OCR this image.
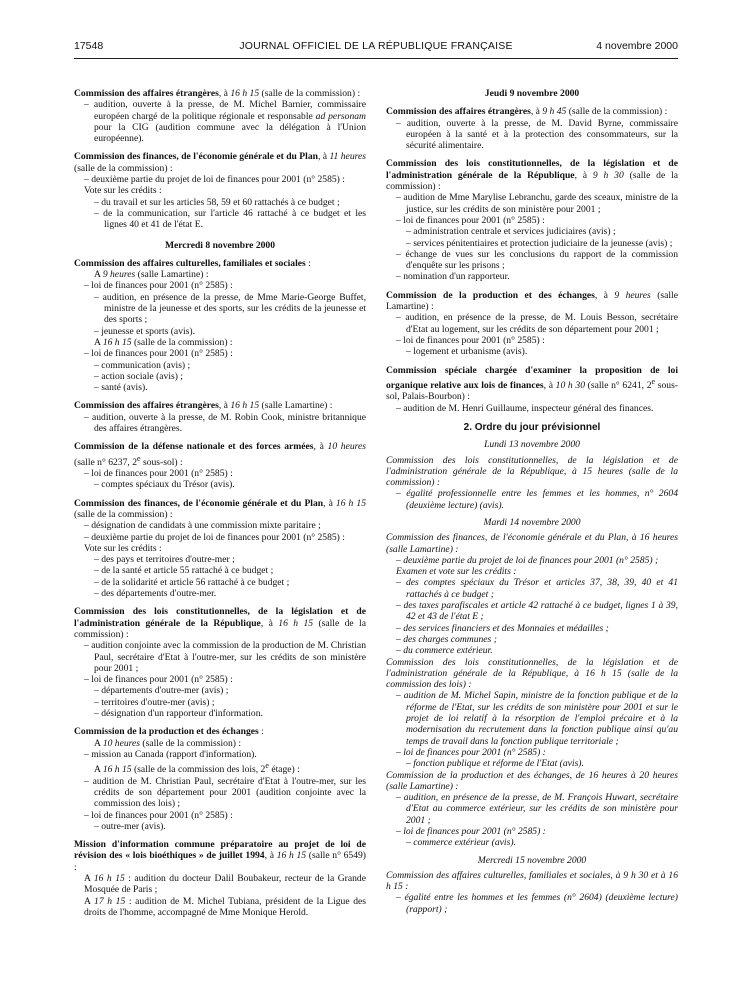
17548	JOURNAL OFFICIEL DE LA RÉPUBLIQUE FRANÇAISE	4 novembre 2000
Commission des affaires étrangères, à 16 h 15 (salle de la commission) :
– audition, ouverte à la presse, de M. Michel Barnier, commissaire européen chargé de la politique régionale et responsable ad personam pour la CIG (audition commune avec la délégation à l'Union européenne).
Commission des finances, de l'économie générale et du Plan, à 11 heures (salle de la commission) :
– deuxième partie du projet de loi de finances pour 2001 (n° 2585) :
Vote sur les crédits :
– du travail et sur les articles 58, 59 et 60 rattachés à ce budget ;
– de la communication, sur l'article 46 rattaché à ce budget et les lignes 40 et 41 de l'état E.
Mercredi 8 novembre 2000
Commission des affaires culturelles, familiales et sociales :
A 9 heures (salle Lamartine) :
– loi de finances pour 2001 (n° 2585) :
– audition, en présence de la presse, de Mme Marie-George Buffet, ministre de la jeunesse et des sports, sur les crédits de la jeunesse et des sports ;
– jeunesse et sports (avis).
A 16 h 15 (salle de la commission) :
– loi de finances pour 2001 (n° 2585) :
– communication (avis) ;
– action sociale (avis) ;
– santé (avis).
Commission des affaires étrangères, à 16 h 15 (salle Lamartine) :
– audition, ouverte à la presse, de M. Robin Cook, ministre britannique des affaires étrangères.
Commission de la défense nationale et des forces armées, à 10 heures (salle n° 6237, 2e sous-sol) :
– loi de finances pour 2001 (n° 2585) :
– comptes spéciaux du Trésor (avis).
Commission des finances, de l'économie générale et du Plan, à 16 h 15 (salle de la commission) :
– désignation de candidats à une commission mixte paritaire ;
– deuxième partie du projet de loi de finances pour 2001 (n° 2585) :
Vote sur les crédits :
– des pays et territoires d'outre-mer ;
– de la santé et article 55 rattaché à ce budget ;
– de la solidarité et article 56 rattaché à ce budget ;
– des départements d'outre-mer.
Commission des lois constitutionnelles, de la législation et de l'administration générale de la République, à 16 h 15 (salle de la commission) :
– audition conjointe avec la commission de la production de M. Christian Paul, secrétaire d'Etat à l'outre-mer, sur les crédits de son ministère pour 2001 ;
– loi de finances pour 2001 (n° 2585) :
– départements d'outre-mer (avis) ;
– territoires d'outre-mer (avis) ;
– désignation d'un rapporteur d'information.
Commission de la production et des échanges :
A 10 heures (salle de la commission) :
– mission au Canada (rapport d'information).
A 16 h 15 (salle de la commission des lois, 2e étage) :
– audition de M. Christian Paul, secrétaire d'Etat à l'outre-mer, sur les crédits de son département pour 2001 (audition conjointe avec la commission des lois) ;
– loi de finances pour 2001 (n° 2585) :
– outre-mer (avis).
Mission d'information commune préparatoire au projet de loi de révision des « lois bioéthiques » de juillet 1994, à 16 h 15 (salle n° 6549) :
A 16 h 15 : audition du docteur Dalil Boubakeur, recteur de la Grande Mosquée de Paris ;
A 17 h 15 : audition de M. Michel Tubiana, président de la Ligue des droits de l'homme, accompagné de Mme Monique Herold.
Jeudi 9 novembre 2000
Commission des affaires étrangères, à 9 h 45 (salle de la commission) :
– audition, ouverte à la presse, de M. David Byrne, commissaire européen à la santé et à la protection des consommateurs, sur la sécurité alimentaire.
Commission des lois constitutionnelles, de la législation et de l'administration générale de la République, à 9 h 30 (salle de la commission) :
– audition de Mme Marylise Lebranchu, garde des sceaux, ministre de la justice, sur les crédits de son ministère pour 2001 ;
– loi de finances pour 2001 (n° 2585) :
– administration centrale et services judiciaires (avis) ;
– services pénitentiaires et protection judiciaire de la jeunesse (avis) ;
– échange de vues sur les conclusions du rapport de la commission d'enquête sur les prisons ;
– nomination d'un rapporteur.
Commission de la production et des échanges, à 9 heures (salle Lamartine) :
– audition, en présence de la presse, de M. Louis Besson, secrétaire d'Etat au logement, sur les crédits de son département pour 2001 ;
– loi de finances pour 2001 (n° 2585) :
– logement et urbanisme (avis).
Commission spéciale chargée d'examiner la proposition de loi organique relative aux lois de finances, à 10 h 30 (salle n° 6241, 2e sous-sol, Palais-Bourbon) :
– audition de M. Henri Guillaume, inspecteur général des finances.
2. Ordre du jour prévisionnel
Lundi 13 novembre 2000
Commission des lois constitutionnelles, de la législation et de l'administration générale de la République, à 15 heures (salle de la commission) :
– égalité professionnelle entre les femmes et les hommes, n° 2604 (deuxième lecture) (avis).
Mardi 14 novembre 2000
Commission des finances, de l'économie générale et du Plan, à 16 heures (salle Lamartine) :
– deuxième partie du projet de loi de finances pour 2001 (n° 2585) ;
Examen et vote sur les crédits :
– des comptes spéciaux du Trésor et articles 37, 38, 39, 40 et 41 rattachés à ce budget ;
– des taxes parafiscales et article 42 rattaché à ce budget, lignes 1 à 39, 42 et 43 de l'état E ;
– des services financiers et des Monnaies et médailles ;
– des charges communes ;
– du commerce extérieur.
Commission des lois constitutionnelles, de la législation et de l'administration générale de la République, à 16 h 15 (salle de la commission des lois) :
– audition de M. Michel Sapin, ministre de la fonction publique et de la réforme de l'Etat, sur les crédits de son ministère pour 2001 et sur le projet de loi relatif à la résorption de l'emploi précaire et à la modernisation du recrutement dans la fonction publique ainsi qu'au temps de travail dans la fonction publique territoriale ;
– loi de finances pour 2001 (n° 2585) :
– fonction publique et réforme de l'Etat (avis).
Commission de la production et des échanges, de 16 heures à 20 heures (salle Lamartine) :
– audition, en présence de la presse, de M. François Huwart, secrétaire d'Etat au commerce extérieur, sur les crédits de son ministère pour 2001 ;
– loi de finances pour 2001 (n° 2585) :
– commerce extérieur (avis).
Mercredi 15 novembre 2000
Commission des affaires culturelles, familiales et sociales, à 9 h 30 et à 16 h 15 :
– égalité entre les hommes et les femmes (n° 2604) (deuxième lecture) (rapport) ;
